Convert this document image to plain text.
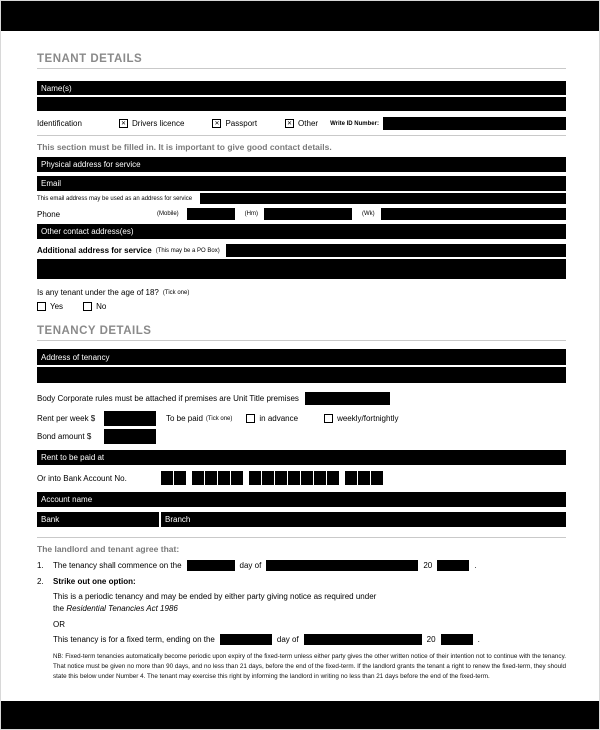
TENANT DETAILS
Name(s)
Identification	✕ Drivers licence	✕ Passport	✕ Other Write ID Number:
This section must be filled in. It is important to give good contact details.
Physical address for service
Email
This email address may be used as an address for service
Phone	(Mobile)	(Hm)	(Wk)
Other contact address(es)
Additional address for service (This may be a PO Box)
Is any tenant under the age of 18? (Tick one)
Yes	No
TENANCY DETAILS
Address of tenancy
Body Corporate rules must be attached if premises are Unit Title premises
Rent per week $	To be paid (Tick one)	in advance	weekly/fortnightly
Bond amount $
Rent to be paid at
Or into Bank Account No.
Account name
Bank	Branch
The landlord and tenant agree that:
1.	The tenancy shall commence on the	day of	20	.
2.	Strike out one option:
This is a periodic tenancy and may be ended by either party giving notice as required under
the Residential Tenancies Act 1986
OR
This tenancy is for a fixed term, ending on the	day of	20	.
NB: Fixed-term tenancies automatically become periodic upon expiry of the fixed-term unless either party gives the other written notice of their intention not to continue with the tenancy. That notice must be given no more than 90 days, and no less than 21 days, before the end of the fixed-term. If the landlord grants the tenant a right to renew the fixed-term, they should state this below under Number 4. The tenant may exercise this right by informing the landlord in writing no less than 21 days before the end of the fixed-term.
